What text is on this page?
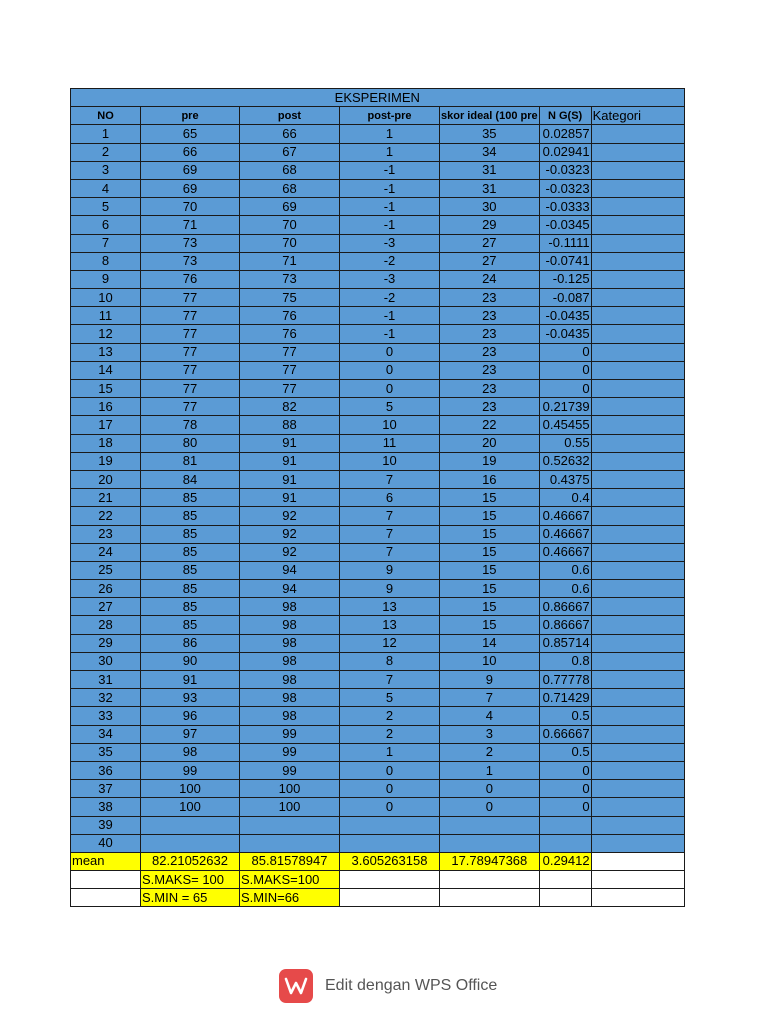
EKSPERIMEN						
NO	pre	post	post-pre	skor ideal (100 pre	N G(S)	Kategori
1	65	66	1	35	0.02857	
2	66	67	1	34	0.02941	
3	69	68	-1	31	-0.0323	
4	69	68	-1	31	-0.0323	
5	70	69	-1	30	-0.0333	
6	71	70	-1	29	-0.0345	
7	73	70	-3	27	-0.1111	
8	73	71	-2	27	-0.0741	
9	76	73	-3	24	-0.125	
10	77	75	-2	23	-0.087	
11	77	76	-1	23	-0.0435	
12	77	76	-1	23	-0.0435	
13	77	77	0	23	0	
14	77	77	0	23	0	
15	77	77	0	23	0	
16	77	82	5	23	0.21739	
17	78	88	10	22	0.45455	
18	80	91	11	20	0.55	
19	81	91	10	19	0.52632	
20	84	91	7	16	0.4375	
21	85	91	6	15	0.4	
22	85	92	7	15	0.46667	
23	85	92	7	15	0.46667	
24	85	92	7	15	0.46667	
25	85	94	9	15	0.6	
26	85	94	9	15	0.6	
27	85	98	13	15	0.86667	
28	85	98	13	15	0.86667	
29	86	98	12	14	0.85714	
30	90	98	8	10	0.8	
31	91	98	7	9	0.77778	
32	93	98	5	7	0.71429	
33	96	98	2	4	0.5	
34	97	99	2	3	0.66667	
35	98	99	1	2	0.5	
36	99	99	0	1	0	
37	100	100	0	0	0	
38	100	100	0	0	0	
39						
40						
mean	82.21052632	85.81578947	3.605263158	17.78947368	0.29412	
	S.MAKS= 100	S.MAKS=100				
	S.MIN = 65	S.MIN=66				
Edit dengan WPS Office
